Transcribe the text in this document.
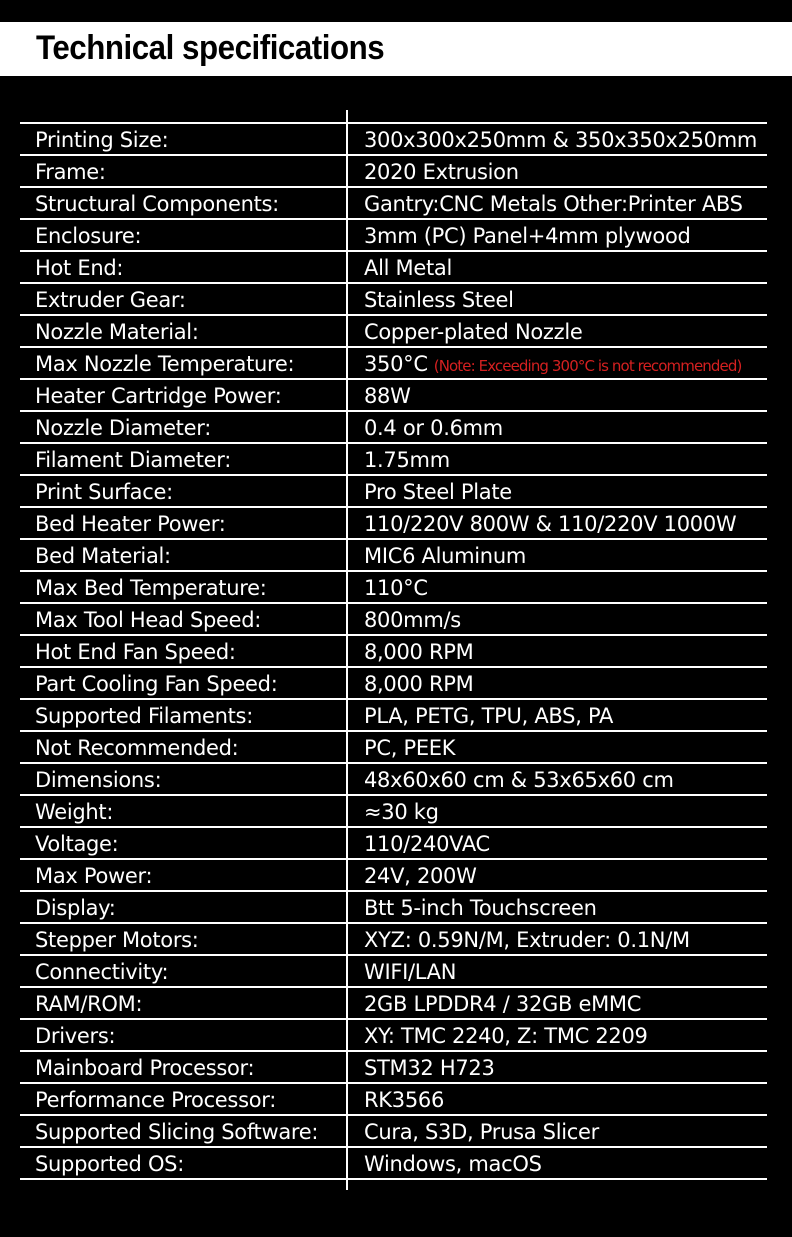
Technical specifications
Printing Size:	300x300x250mm & 350x350x250mm
Frame:	2020 Extrusion
Structural Components:	Gantry:CNC Metals Other:Printer ABS
Enclosure:	3mm (PC) Panel+4mm plywood
Hot End:	All Metal
Extruder Gear:	Stainless Steel
Nozzle Material:	Copper-plated Nozzle
Max Nozzle Temperature:	350°C (Note: Exceeding 300°C is not recommended)
Heater Cartridge Power:	88W
Nozzle Diameter:	0.4 or 0.6mm
Filament Diameter:	1.75mm
Print Surface:	Pro Steel Plate
Bed Heater Power:	110/220V 800W & 110/220V 1000W
Bed Material:	MIC6 Aluminum
Max Bed Temperature:	110°C
Max Tool Head Speed:	800mm/s
Hot End Fan Speed:	8,000 RPM
Part Cooling Fan Speed:	8,000 RPM
Supported Filaments:	PLA, PETG, TPU, ABS, PA
Not Recommended:	PC, PEEK
Dimensions:	48x60x60 cm & 53x65x60 cm
Weight:	≈30 kg
Voltage:	110/240VAC
Max Power:	24V, 200W
Display:	Btt 5-inch Touchscreen
Stepper Motors:	XYZ: 0.59N/M, Extruder: 0.1N/M
Connectivity:	WIFI/LAN
RAM/ROM:	2GB LPDDR4 / 32GB eMMC
Drivers:	XY: TMC 2240, Z: TMC 2209
Mainboard Processor:	STM32 H723
Performance Processor:	RK3566
Supported Slicing Software: Cura, S3D, Prusa Slicer
Supported OS:	Windows, macOS
